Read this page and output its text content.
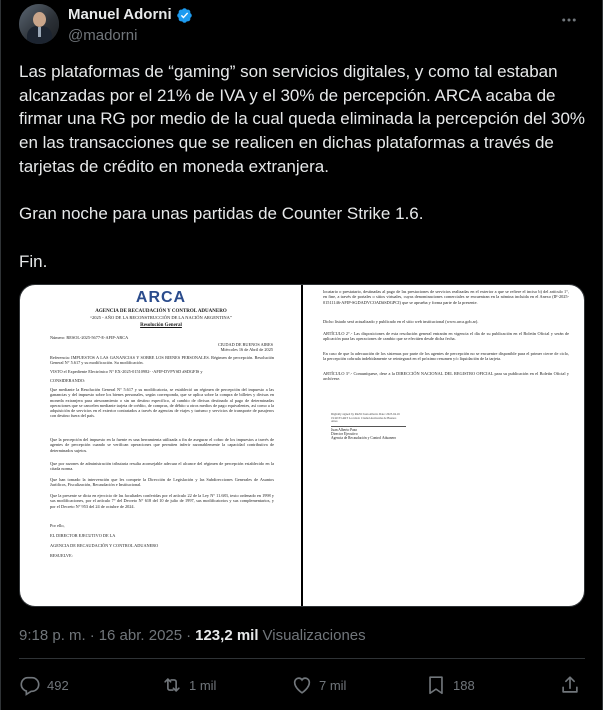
Manuel Adorni
@madorni

Las plataformas de “gaming” son servicios digitales, y como tal estaban alcanzadas por el 21% de IVA y el 30% de percepción. ARCA acaba de firmar una RG por medio de la cual queda eliminada la percepción del 30% en las transacciones que se realicen en dichas plataformas a través de tarjetas de crédito en moneda extranjera.

Gran noche para unas partidas de Counter Strike 1.6.

Fin.

ARCA
AGENCIA DE RECAUDACIÓN Y CONTROL ADUANERO
“2025 - AÑO DE LA RECONSTRUCCIÓN DE LA NACIÓN ARGENTINA”
Resolución General
Número: RESOL-2025-5677-E-AFIP-ARCA
CIUDAD DE BUENOS AIRES
Miércoles 16 de Abril de 2025
Referencia: IMPUESTOS A LAS GANANCIAS Y SOBRE LOS BIENES PERSONALES. Régimen de percepción. Resolución General N° 5.617 y su modificación. Su modificación.
VISTO el Expediente Electrónico N° EX-2025-01510982- -AFIP-DVPYSD #SDGFIS y
CONSIDERANDO:
Que mediante la Resolución General N° 5.617 y su modificatoria, se estableció un régimen de percepción del impuesto a las ganancias y del impuesto sobre los bienes personales, según corresponda, que se aplica sobre la compra de billetes y divisas en moneda extranjera para atesoramiento o sin un destino específico, al cambio de divisas destinado al pago de determinadas operaciones que se cancelen mediante tarjeta de crédito, de compras, de débito u otros medios de pago equivalentes, así como a la adquisición de servicios en el exterior contratados a través de agencias de viajes y turismo y servicios de transporte de pasajeros con destino fuera del país.
Que la percepción del impuesto en la fuente es una herramienta utilizada a fin de asegurar el cobro de los impuestos a través de agentes de percepción cuando se verifican operaciones que permiten inferir razonablemente la capacidad contributiva de determinados sujetos.
Que por razones de administración tributaria resulta aconsejable adecuar el alcance del régimen de percepción establecido en la citada norma.
Que han tomado la intervención que les compete la Dirección de Legislación y las Subdirecciones Generales de Asuntos Jurídicos, Fiscalización, Recaudación e Institucional.
Que la presente se dicta en ejercicio de las facultades conferidas por el artículo 22 de la Ley N° 11.683, texto ordenado en 1998 y sus modificaciones, por el artículo 7° del Decreto N° 618 del 10 de julio de 1997, sus modificatorios y sus complementarios, y por el Decreto N° 953 del 24 de octubre de 2024.
Por ello,
EL DIRECTOR EJECUTIVO DE LA
AGENCIA DE RECAUDACIÓN Y CONTROL ADUANERO
RESUELVE:
locatario o prestatario, destinadas al pago de las prestaciones de servicios realizadas en el exterior a que se refiere el inciso b) del artículo 1°, en fine, a través de portales o sitios virtuales, cuyas denominaciones comerciales se encuentran en la nómina incluida en el Anexo (IF-2025-01511146-AFIP-SGDADVCOAD#SDGPCI) que se aprueba y forma parte de la presente.
Dicho listado será actualizado y publicado en el sitio web institucional (www.arca.gob.ar).
ARTÍCULO 2°.- Las disposiciones de esta resolución general entrarán en vigencia el día de su publicación en el Boletín Oficial y serán de aplicación para las operaciones de cambio que se efectúen desde dicha fecha.
En caso de que la adecuación de los sistemas por parte de los agentes de percepción no se encuentre disponible para el primer cierre de ciclo, la percepción cobrada indebidamente se reintegrará en el próximo resumen y/o liquidación de la tarjeta.
ARTÍCULO 3°.- Comuníquese, dese a la DIRECCIÓN NACIONAL DEL REGISTRO OFICIAL para su publicación en el Boletín Oficial y archívese.
Digitally signed by PAZO Juan Alberto Date: 2025.04.16 19:40:33 ART Location: Ciudad Autónoma de Buenos Aires
Juan Alberto Pazo
Director Ejecutivo
Agencia de Recaudación y Control Aduanero
9:18 p. m. · 16 abr. 2025 · 123,2 mil Visualizaciones
492	1 mil	7 mil	188
